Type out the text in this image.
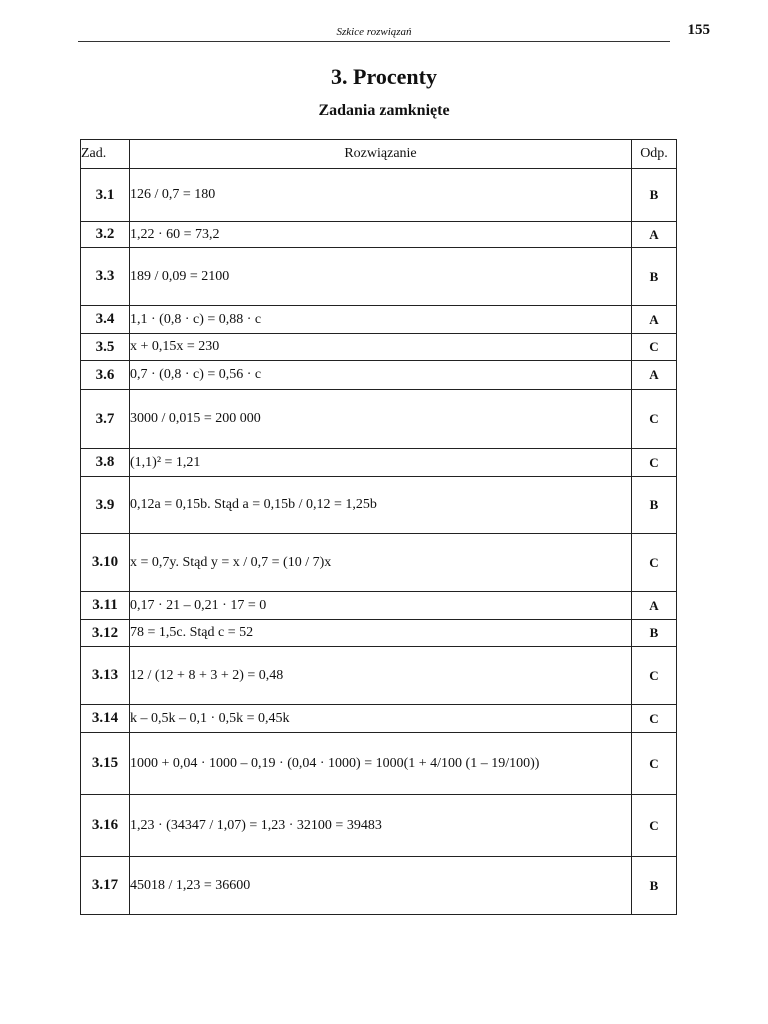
Szkice rozwiązań	155
3. Procenty
Zadania zamknięte
Zad.	Rozwiązanie	Odp.
3.1	126 / 0,7 = 180	B
3.2	1,22 · 60 = 73,2	A
3.3	189 / 0,09 = 2100	B
3.4	1,1 · (0,8 · c) = 0,88 · c	A
3.5	x + 0,15x = 230	C
3.6	0,7 · (0,8 · c) = 0,56 · c	A
3.7	3000 / 0,015 = 200 000	C
3.8	(1,1)² = 1,21	C
3.9	0,12a = 0,15b. Stąd a = 0,15b / 0,12 = 1,25b	B
3.10	x = 0,7y. Stąd y = x / 0,7 = (10 / 7)x	C
3.11	0,17 · 21 – 0,21 · 17 = 0	A
3.12	78 = 1,5c. Stąd c = 52	B
3.13	12 / (12 + 8 + 3 + 2) = 0,48	C
3.14	k – 0,5k – 0,1 · 0,5k = 0,45k	C
3.15	1000 + 0,04 · 1000 – 0,19 · (0,04 · 1000) = 1000(1 + 4/100 (1 – 19/100))	C
3.16	1,23 · (34347 / 1,07) = 1,23 · 32100 = 39483	C
3.17	45018 / 1,23 = 36600	B
